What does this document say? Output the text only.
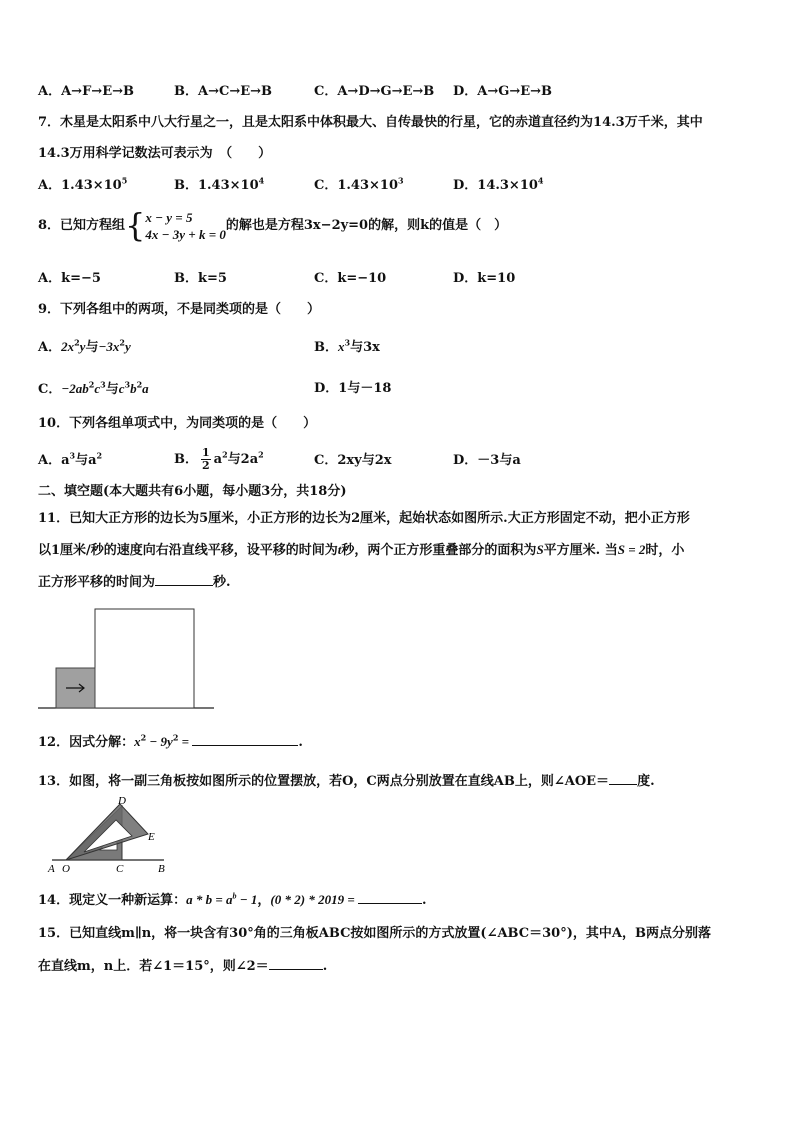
A．A→F→E→B	B．A→C→E→B	C．A→D→G→E→B D．A→G→E→B
7．木星是太阳系中八大行星之一，且是太阳系中体积最大、自传最快的行星，它的赤道直径约为14.3万千米，其中
14.3万用科学记数法可表示为　（　　）
A．$1.43\times 10^5$	B．$1.43\times 10^4$	C．$1.43\times 10^3$	D．$14.3\times 10^4$
8．已知方程组{ x − y = 5
4x − 3y + k = 0
的解也是方程3x−2y=0的解，则k的值是（　）
A．k=−5	B．k=5	C．k=−10	D．k=10
9．下列各组中的两项，不是同类项的是（　　）
A．$2x^2y$与$-3x^2y$	B．$x^3$与3x
C．$-2ab^2c^3$与$c^3b^2a$	D．1与－18
10．下列各组单项式中，为同类项的是（　　）
A．$a^3$与$a^2$	B． $\frac{1}{2} a^2$与$2a^2$	C．2xy与2x	D．－3与a
二、填空题(本大题共有6小题，每小题3分，共18分)
11．已知大正方形的边长为5厘米，小正方形的边长为2厘米，起始状态如图所示.大正方形固定不动，把小正方形
以1厘米/秒的速度向右沿直线平移，设平移的时间为t秒，两个正方形重叠部分的面积为S平方厘米. 当S = 2时，小
正方形平移的时间为	秒.
12．因式分解：$x^2 - 9y^2$ =	.
13．如图，将一副三角板按如图所示的位置摆放，若O，C两点分别放置在直线AB上，则∠AOE＝ 度.
D
E
A O	C	B
14．现定义一种新运算：$a * b = a^b - 1$，(0 * 2) * 2019 =	.
15．已知直线m∥n，将一块含有30°角的三角板ABC按如图所示的方式放置(∠ABC＝30°)，其中A，B两点分别落
在直线m，n上．若∠1＝15°，则∠2＝	.
